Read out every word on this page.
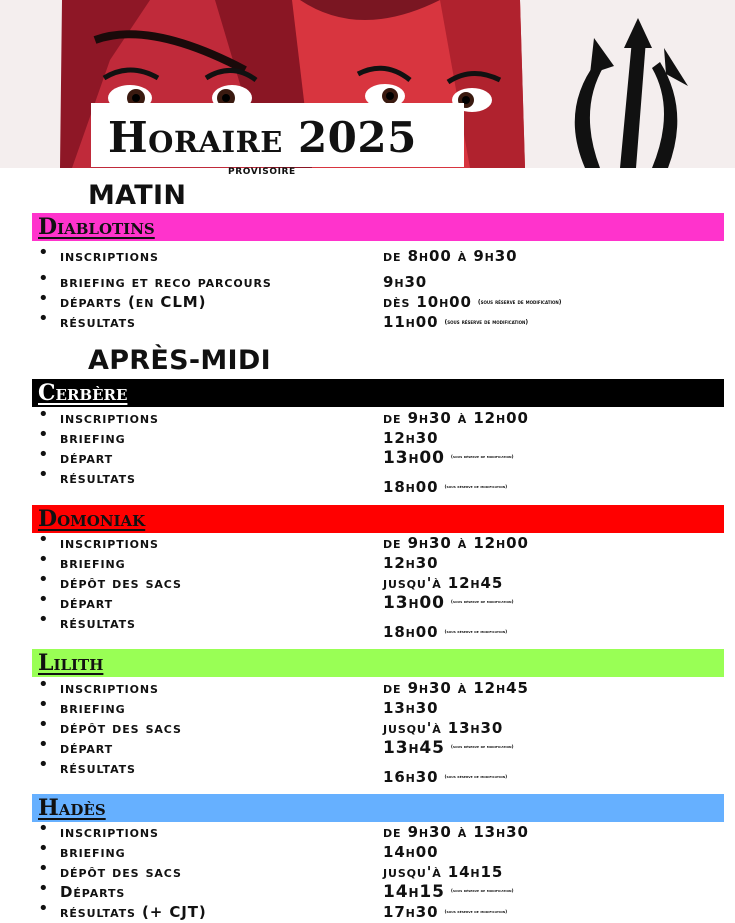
Horaire 2025
provisoire
MATIN
Diablotins
• inscriptions	de 8h00 à 9h30
• briefing et reco parcours	9h30
• départs (en CLM)	dès 10h00 (sous réserve de modification)
• résultats	11h00 (sous réserve de modification)
APRÈS-MIDI
Cerbère
• inscriptions	de 9h30 à 12h00
• briefing	12h30
• départ	13h00 (sous réserve de modification)
• résultats	18h00 (sous réserve de modification)
Domoniak
• inscriptions	de 9h30 à 12h00
• briefing	12h30
• dépôt des sacs	jusqu'à 12h45
• départ	13h00 (sous réserve de modification)
• résultats	18h00 (sous réserve de modification)
Lilith
• inscriptions	de 9h30 à 12h45
• briefing	13h30
• dépôt des sacs	jusqu'à 13h30
• départ	13h45 (sous réserve de modification)
• résultats	16h30 (sous réserve de modification)
Hadès
• inscriptions	de 9h30 à 13h30
• briefing	14h00
• dépôt des sacs	jusqu'à 14h15
• Départs	14h15 (sous réserve de modification)
• résultats (+ CJT)	17h30 (sous réserve de modification)
